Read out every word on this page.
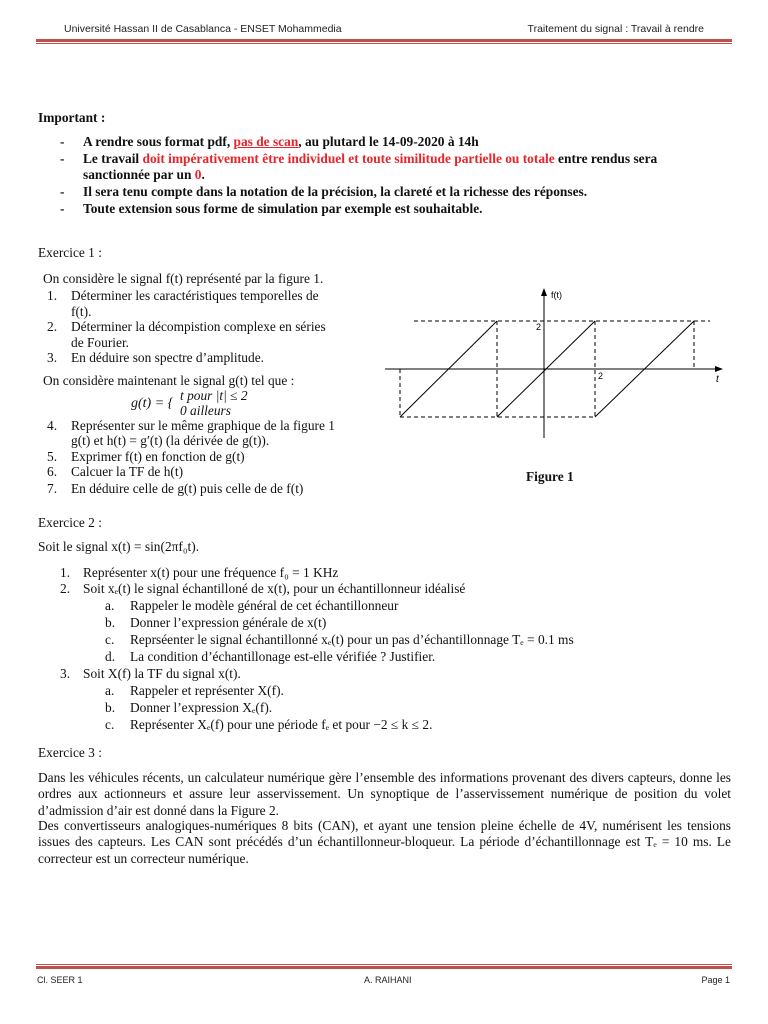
Université Hassan II de Casablanca - ENSET Mohammedia	Traitement du signal : Travail à rendre
Important :
- A rendre sous format pdf, pas de scan, au plutard le 14-09-2020 à 14h
- Le travail doit impérativement être individuel et toute similitude partielle ou totale entre rendus sera
sanctionnée par un 0.
- Il sera tenu compte dans la notation de la précision, la clareté et la richesse des réponses.
- Toute extension sous forme de simulation par exemple est souhaitable.
Exercice 1 :
On considère le signal f(t) représenté par la figure 1.
1. Déterminer les caractéristiques temporelles de
f(t).
2. Déterminer la décompistion complexe en séries
de Fourier.
3. En déduire son spectre d’amplitude.
On considère maintenant le signal g(t) tel que :
g(t) = {
t pour |t| ≤ 2
0 ailleurs
4. Représenter sur le même graphique de la figure 1
g(t) et h(t) = g′(t) (la dérivée de g(t)).
5. Exprimer f(t) en fonction de g(t)
6. Calcuer la TF de h(t)
7. En déduire celle de g(t) puis celle de de f(t)
f(t)
t
2
2
Figure 1
Exercice 2 :
Soit le signal x(t) = sin(2πf₀t).
1. Représenter x(t) pour une fréquence f₀ = 1 KHz
2. Soit xₑ(t) le signal échantilloné de x(t), pour un échantillonneur idéalisé
a. Rappeler le modèle général de cet échantillonneur
b. Donner l’expression générale de x(t)
c. Reprséenter le signal échantillonné xₑ(t) pour un pas d’échantillonnage Tₑ = 0.1 ms
d. La condition d’échantillonage est-elle vérifiée ? Justifier.
3. Soit X(f) la TF du signal x(t).
a. Rappeler et représenter X(f).
b. Donner l’expression Xₑ(f).
c. Représenter Xₑ(f) pour une période fₑ et pour −2 ≤ k ≤ 2.
Exercice 3 :
Dans les véhicules récents, un calculateur numérique gère l’ensemble des informations provenant des divers capteurs, donne les ordres aux actionneurs et assure leur asservissement. Un synoptique de l’asservissement numérique de position du volet d’admission d’air est donné dans la Figure 2.
Des convertisseurs analogiques-numériques 8 bits (CAN), et ayant une tension pleine échelle de 4V, numérisent les tensions issues des capteurs. Les CAN sont précédés d’un échantillonneur-bloqueur. La période d’échantillonnage est Tₑ = 10 ms. Le correcteur est un correcteur numérique.
Cl. SEER 1	A. RAIHANI	Page 1
